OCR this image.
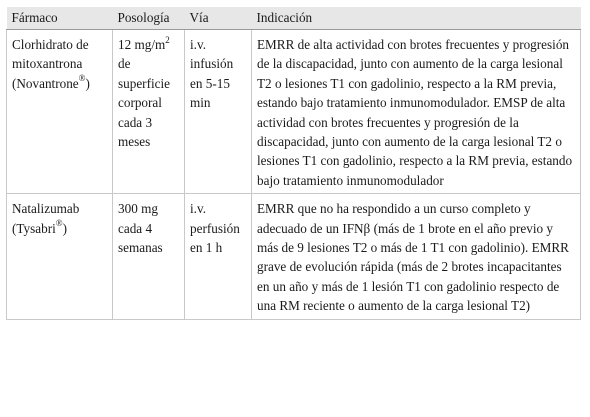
Fármaco	Posología	Vía	Indicación
Clorhidrato de mitoxantrona (Novantrone®)	12 $mg/m^2$ de superficie corporal cada 3 meses	i.v. infusión en 5-15 min	EMRR de alta actividad con brotes frecuentes y progresión de la discapacidad, junto con aumento de la carga lesional T2 o lesiones T1 con gadolinio, respecto a la RM previa, estando bajo tratamiento inmunomodulador. EMSP de alta actividad con brotes frecuentes y progresión de la discapacidad, junto con aumento de la carga lesional T2 o lesiones T1 con gadolinio, respecto a la RM previa, estando bajo tratamiento inmunomodulador
Natalizumab (Tysabri®)	300 mg cada 4 semanas	i.v. perfusión en 1 h	EMRR que no ha respondido a un curso completo y adecuado de un IFNβ (más de 1 brote en el año previo y más de 9 lesiones T2 o más de 1 T1 con gadolinio). EMRR grave de evolución rápida (más de 2 brotes incapacitantes en un año y más de 1 lesión T1 con gadolinio respecto de una RM reciente o aumento de la carga lesional T2)
